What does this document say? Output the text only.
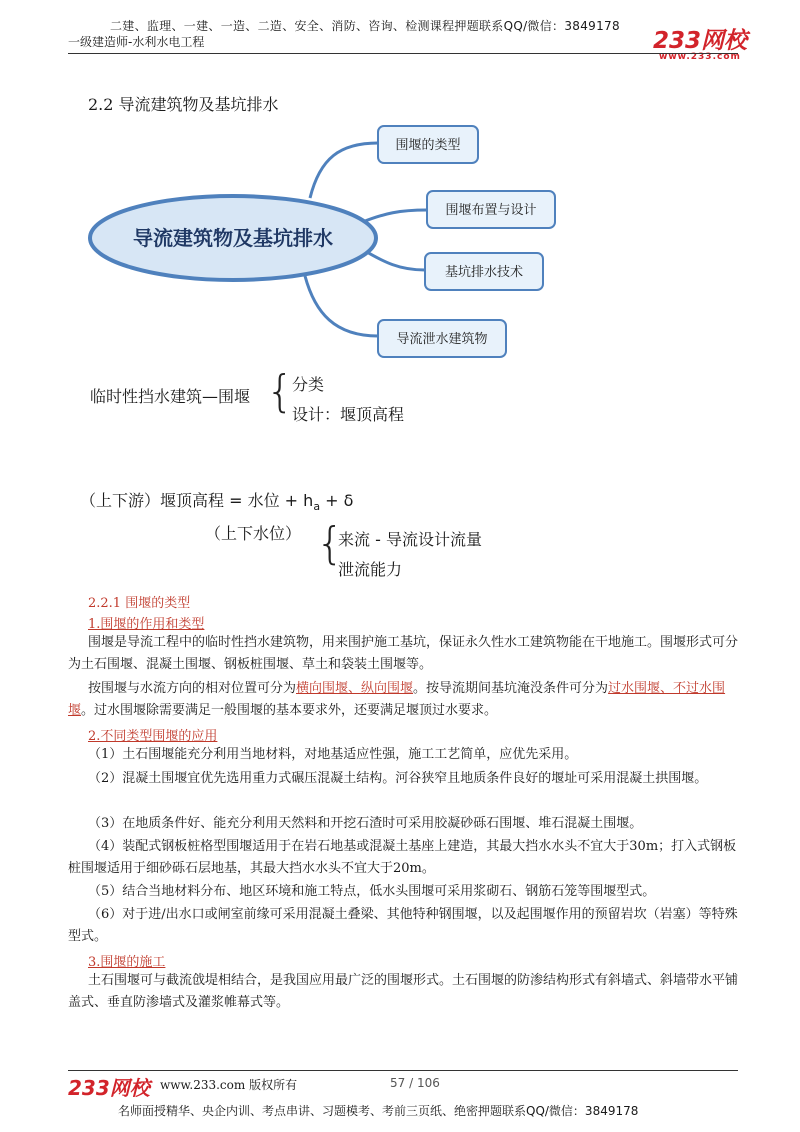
二建、监理、一建、一造、二造、安全、消防、咨询、检测课程押题联系QQ/微信：3849178
一级建造师-水利水电工程	233网校
www.233.com
2.2 导流建筑物及基坑排水
导流建筑物及基坑排水
围堰的类型
围堰布置与设计
基坑排水技术
导流泄水建筑物
临时性挡水建筑—围堰 {
分类
设计：堰顶高程
（上下游）堰顶高程 = 水位 + $h_a + \delta$
（上下水位） {
来流 - 导流设计流量
泄流能力
2.2.1 围堰的类型
1.围堰的作用和类型
围堰是导流工程中的临时性挡水建筑物，用来围护施工基坑，保证永久性水工建筑物能在干地施工。围堰形式可分为土石围堰、混凝土围堰、钢板桩围堰、草土和袋装土围堰等。
按围堰与水流方向的相对位置可分为横向围堰、纵向围堰。按导流期间基坑淹没条件可分为过水围堰、不过水围堰。过水围堰除需要满足一般围堰的基本要求外，还要满足堰顶过水要求。
2.不同类型围堰的应用
（1）土石围堰能充分利用当地材料，对地基适应性强，施工工艺简单，应优先采用。
（2）混凝土围堰宜优先选用重力式碾压混凝土结构。河谷狭窄且地质条件良好的堰址可采用混凝土拱围堰。
（3）在地质条件好、能充分利用天然料和开挖石渣时可采用胶凝砂砾石围堰、堆石混凝土围堰。
（4）装配式钢板桩格型围堰适用于在岩石地基或混凝土基座上建造，其最大挡水水头不宜大于30m；打入式钢板桩围堰适用于细砂砾石层地基，其最大挡水水头不宜大于20m。
（5）结合当地材料分布、地区环境和施工特点，低水头围堰可采用浆砌石、钢筋石笼等围堰型式。
（6）对于进/出水口或闸室前缘可采用混凝土叠梁、其他特种钢围堰，以及起围堰作用的预留岩坎（岩塞）等特殊型式。
3.围堰的施工
土石围堰可与截流戗堤相结合，是我国应用最广泛的围堰形式。土石围堰的防渗结构形式有斜墙式、斜墙带水平铺盖式、垂直防渗墙式及灌浆帷幕式等。
233网校 www.233.com 版权所有	57 / 106
名师面授精华、央企内训、考点串讲、习题模考、考前三页纸、绝密押题联系QQ/微信：3849178
